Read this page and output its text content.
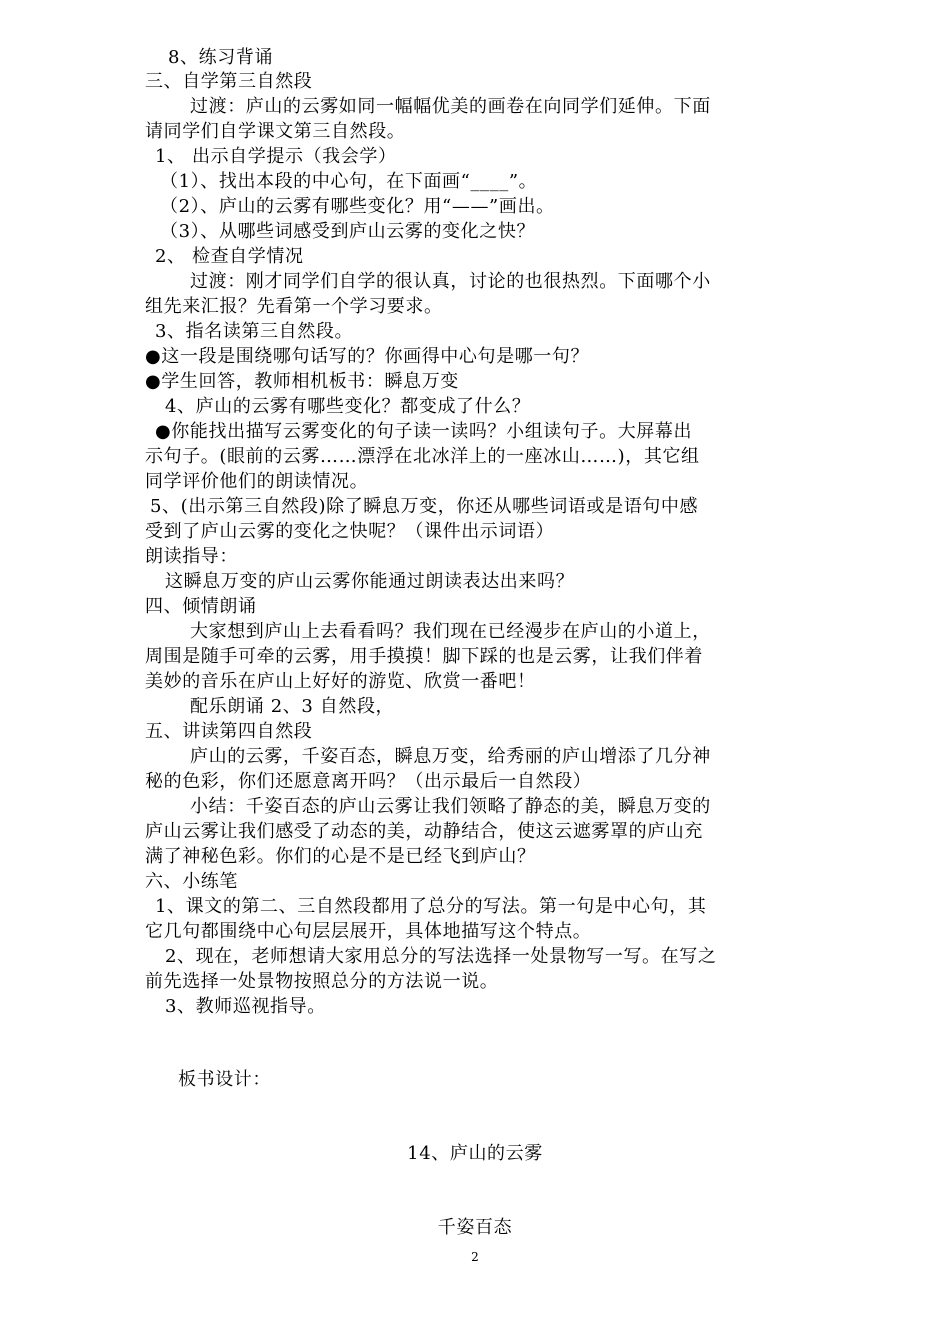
8、练习背诵
三、自学第三自然段
过渡：庐山的云雾如同一幅幅优美的画卷在向同学们延伸。下面
请同学们自学课文第三自然段。
1、 出示自学提示（我会学）
（1）、找出本段的中心句，在下面画“____”。
（2）、庐山的云雾有哪些变化？用“——”画出。
（3）、从哪些词感受到庐山云雾的变化之快？
2、 检查自学情况
过渡：刚才同学们自学的很认真，讨论的也很热烈。下面哪个小
组先来汇报？先看第一个学习要求。
3、指名读第三自然段。
●这一段是围绕哪句话写的？你画得中心句是哪一句？
●学生回答，教师相机板书：瞬息万变
4、庐山的云雾有哪些变化？都变成了什么？
●你能找出描写云雾变化的句子读一读吗？小组读句子。大屏幕出
示句子。(眼前的云雾……漂浮在北冰洋上的一座冰山……)，其它组
同学评价他们的朗读情况。
5、(出示第三自然段)除了瞬息万变，你还从哪些词语或是语句中感
受到了庐山云雾的变化之快呢？（课件出示词语）
朗读指导：
这瞬息万变的庐山云雾你能通过朗读表达出来吗？
四、倾情朗诵
大家想到庐山上去看看吗？我们现在已经漫步在庐山的小道上，
周围是随手可牵的云雾，用手摸摸！脚下踩的也是云雾，让我们伴着
美妙的音乐在庐山上好好的游览、欣赏一番吧！
配乐朗诵 2、3 自然段，
五、讲读第四自然段
庐山的云雾，千姿百态，瞬息万变，给秀丽的庐山增添了几分神
秘的色彩，你们还愿意离开吗？（出示最后一自然段）
小结：千姿百态的庐山云雾让我们领略了静态的美，瞬息万变的
庐山云雾让我们感受了动态的美，动静结合，使这云遮雾罩的庐山充
满了神秘色彩。你们的心是不是已经飞到庐山？
六、小练笔
1、课文的第二、三自然段都用了总分的写法。第一句是中心句，其
它几句都围绕中心句层层展开，具体地描写这个特点。
2、现在，老师想请大家用总分的写法选择一处景物写一写。在写之
前先选择一处景物按照总分的方法说一说。
3、教师巡视指导。
板书设计：
14、庐山的云雾
千姿百态
2
